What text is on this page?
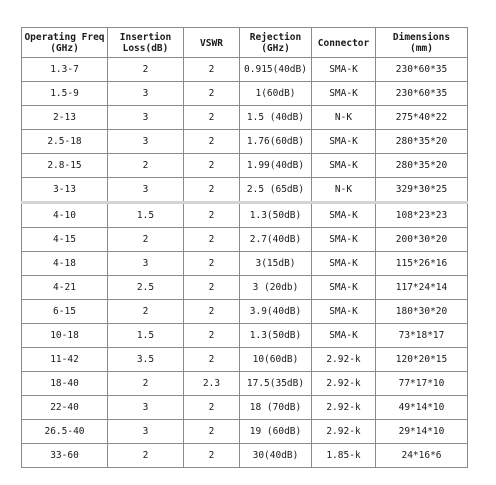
Operating Freq
(GHz)	Insertion
Loss(dB)	VSWR	Rejection
(GHz)	Connector	Dimensions
(mm)

1.3-7	2	2	0.915(40dB)	SMA-K	230*60*35
1.5-9	3	2	1(60dB)	SMA-K	230*60*35
2-13	3	2	1.5 (40dB)	N-K	275*40*22
2.5-18	3	2	1.76(60dB)	SMA-K	280*35*20
2.8-15	2	2	1.99(40dB)	SMA-K	280*35*20
3-13	3	2	2.5 (65dB)	N-K	329*30*25
4-10	1.5	2	1.3(50dB)	SMA-K	108*23*23
4-15	2	2	2.7(40dB)	SMA-K	200*30*20
4-18	3	2	3(15dB)	SMA-K	115*26*16
4-21	2.5	2	3 (20db)	SMA-K	117*24*14
6-15	2	2	3.9(40dB)	SMA-K	180*30*20
10-18	1.5	2	1.3(50dB)	SMA-K	73*18*17
11-42	3.5	2	10(60dB)	2.92-k	120*20*15
18-40	2	2.3	17.5(35dB)	2.92-k	77*17*10
22-40	3	2	18 (70dB)	2.92-k	49*14*10
26.5-40	3	2	19 (60dB)	2.92-k	29*14*10
33-60	2	2	30(40dB)	1.85-k	24*16*6
